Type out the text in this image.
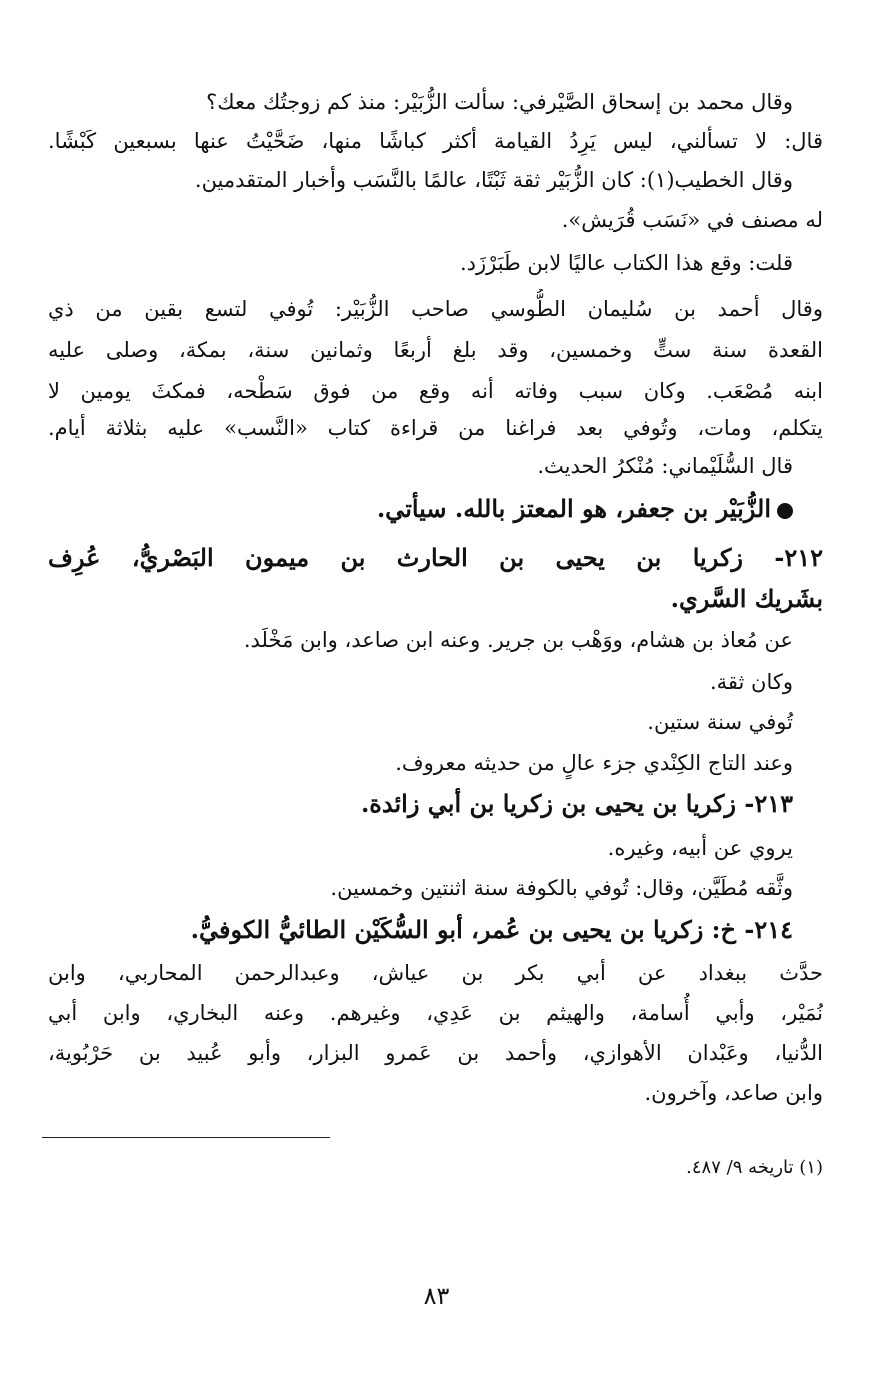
وقال محمد بن إسحاق الصَّيْرفي: سألت الزُّبَيْر: منذ كم زوجتُك معك؟
قال: لا تسألني، ليس يَرِدُ القيامة أكثر كباشًا منها، ضَحَّيْتُ عنها بسبعين كَبْشًا.
وقال الخطيب(١): كان الزُّبَيْر ثقة ثَبْتًا، عالمًا بالنَّسَب وأخبار المتقدمين.
له مصنف في «نَسَب قُرَيش».
قلت: وقع هذا الكتاب عاليًا لابن طَبَرْزَد.
وقال أحمد بن سُليمان الطُّوسي صاحب الزُّبَيْر: تُوفي لتسع بقين من ذي
القعدة سنة ستٍّ وخمسين، وقد بلغ أربعًا وثمانين سنة، بمكة، وصلى عليه
ابنه مُصْعَب. وكان سبب وفاته أنه وقع من فوق سَطْحه، فمكثَ يومين لا
يتكلم، ومات، وتُوفي بعد فراغنا من قراءة كتاب «النَّسب» عليه بثلاثة أيام.
قال السُّلَيْماني: مُنْكرُ الحديث.
الزُّبَيْر بن جعفر، هو المعتز بالله. سيأتي.
٢١٢- زكريا بن يحيى بن الحارث بن ميمون البَصْريُّ، عُرِف
بشَريك السَّري.
عن مُعاذ بن هشام، ووَهْب بن جرير. وعنه ابن صاعد، وابن مَخْلَد.
وكان ثقة.
تُوفي سنة ستين.
وعند التاج الكِنْدي جزء عالٍ من حديثه معروف.
٢١٣- زكريا بن يحيى بن زكريا بن أبي زائدة.
يروي عن أبيه، وغيره.
وثَّقه مُطَيَّن، وقال: تُوفي بالكوفة سنة اثنتين وخمسين.
٢١٤- خ: زكريا بن يحيى بن عُمر، أبو السُّكَيْن الطائيُّ الكوفيُّ.
حدَّث ببغداد عن أبي بكر بن عياش، وعبدالرحمن المحاربي، وابن
نُمَيْر، وأبي أُسامة، والهيثم بن عَدِي، وغيرهم. وعنه البخاري، وابن أبي
الدُّنيا، وعَبْدان الأهوازي، وأحمد بن عَمرو البزار، وأبو عُبيد بن حَرْبُوية،
وابن صاعد، وآخرون.
(١) تاريخه ٩/ ٤٨٧.
٨٣
